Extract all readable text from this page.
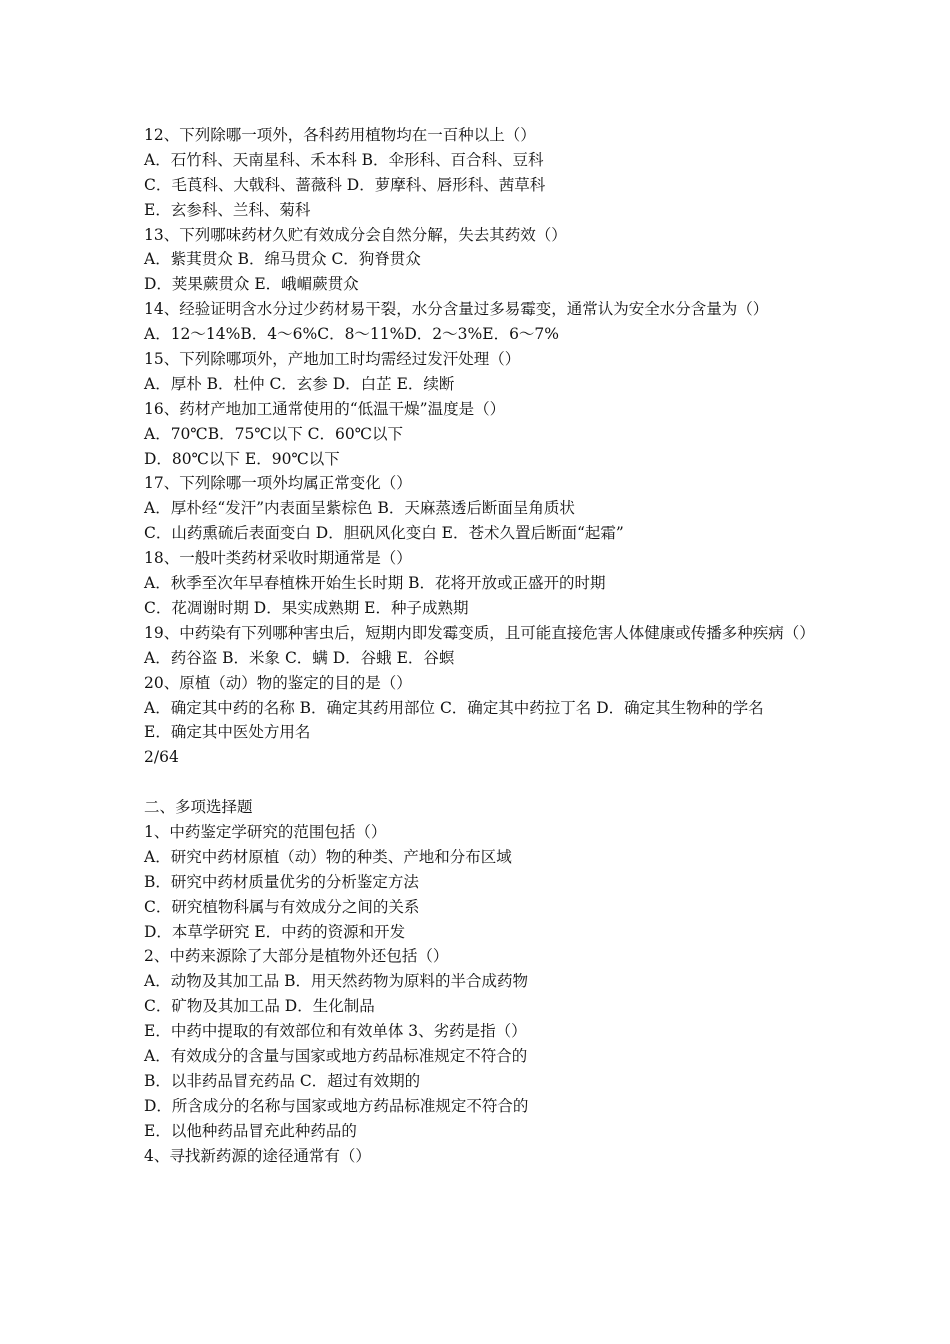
12、下列除哪一项外，各科药用植物均在一百种以上（）
A．石竹科、天南星科、禾本科 B．伞形科、百合科、豆科
C．毛莨科、大戟科、蔷薇科 D．萝摩科、唇形科、茜草科
E．玄参科、兰科、菊科
13、下列哪味药材久贮有效成分会自然分解，失去其药效（）
A．紫萁贯众 B．绵马贯众 C．狗脊贯众
D．荚果蕨贯众 E．峨嵋蕨贯众
14、经验证明含水分过少药材易干裂，水分含量过多易霉变，通常认为安全水分含量为（）
A．12～14%B．4～6%C．8～11%D．2～3%E．6～7%
15、下列除哪项外，产地加工时均需经过发汗处理（）
A．厚朴 B．杜仲 C．玄参 D．白芷 E．续断
16、药材产地加工通常使用的“低温干燥”温度是（）
A．70℃B．75℃以下 C．60℃以下
D．80℃以下 E．90℃以下
17、下列除哪一项外均属正常变化（）
A．厚朴经“发汗”内表面呈紫棕色 B．天麻蒸透后断面呈角质状
C．山药熏硫后表面变白 D．胆矾风化变白 E．苍术久置后断面“起霜”
18、一般叶类药材采收时期通常是（）
A．秋季至次年早春植株开始生长时期 B．花将开放或正盛开的时期
C．花凋谢时期 D．果实成熟期 E．种子成熟期
19、中药染有下列哪种害虫后，短期内即发霉变质，且可能直接危害人体健康或传播多种疾病（）
A．药谷盗 B．米象 C．螨 D．谷蛾 E．谷螟
20、原植（动）物的鉴定的目的是（）
A．确定其中药的名称 B．确定其药用部位 C．确定其中药拉丁名 D．确定其生物种的学名
E．确定其中医处方用名
2/64
二、多项选择题
1、中药鉴定学研究的范围包括（）
A．研究中药材原植（动）物的种类、产地和分布区域
B．研究中药材质量优劣的分析鉴定方法
C．研究植物科属与有效成分之间的关系
D．本草学研究 E．中药的资源和开发
2、中药来源除了大部分是植物外还包括（）
A．动物及其加工品 B．用天然药物为原料的半合成药物
C．矿物及其加工品 D．生化制品
E．中药中提取的有效部位和有效单体 3、劣药是指（）
A．有效成分的含量与国家或地方药品标准规定不符合的
B．以非药品冒充药品 C．超过有效期的
D．所含成分的名称与国家或地方药品标准规定不符合的
E．以他种药品冒充此种药品的
4、寻找新药源的途径通常有（）
